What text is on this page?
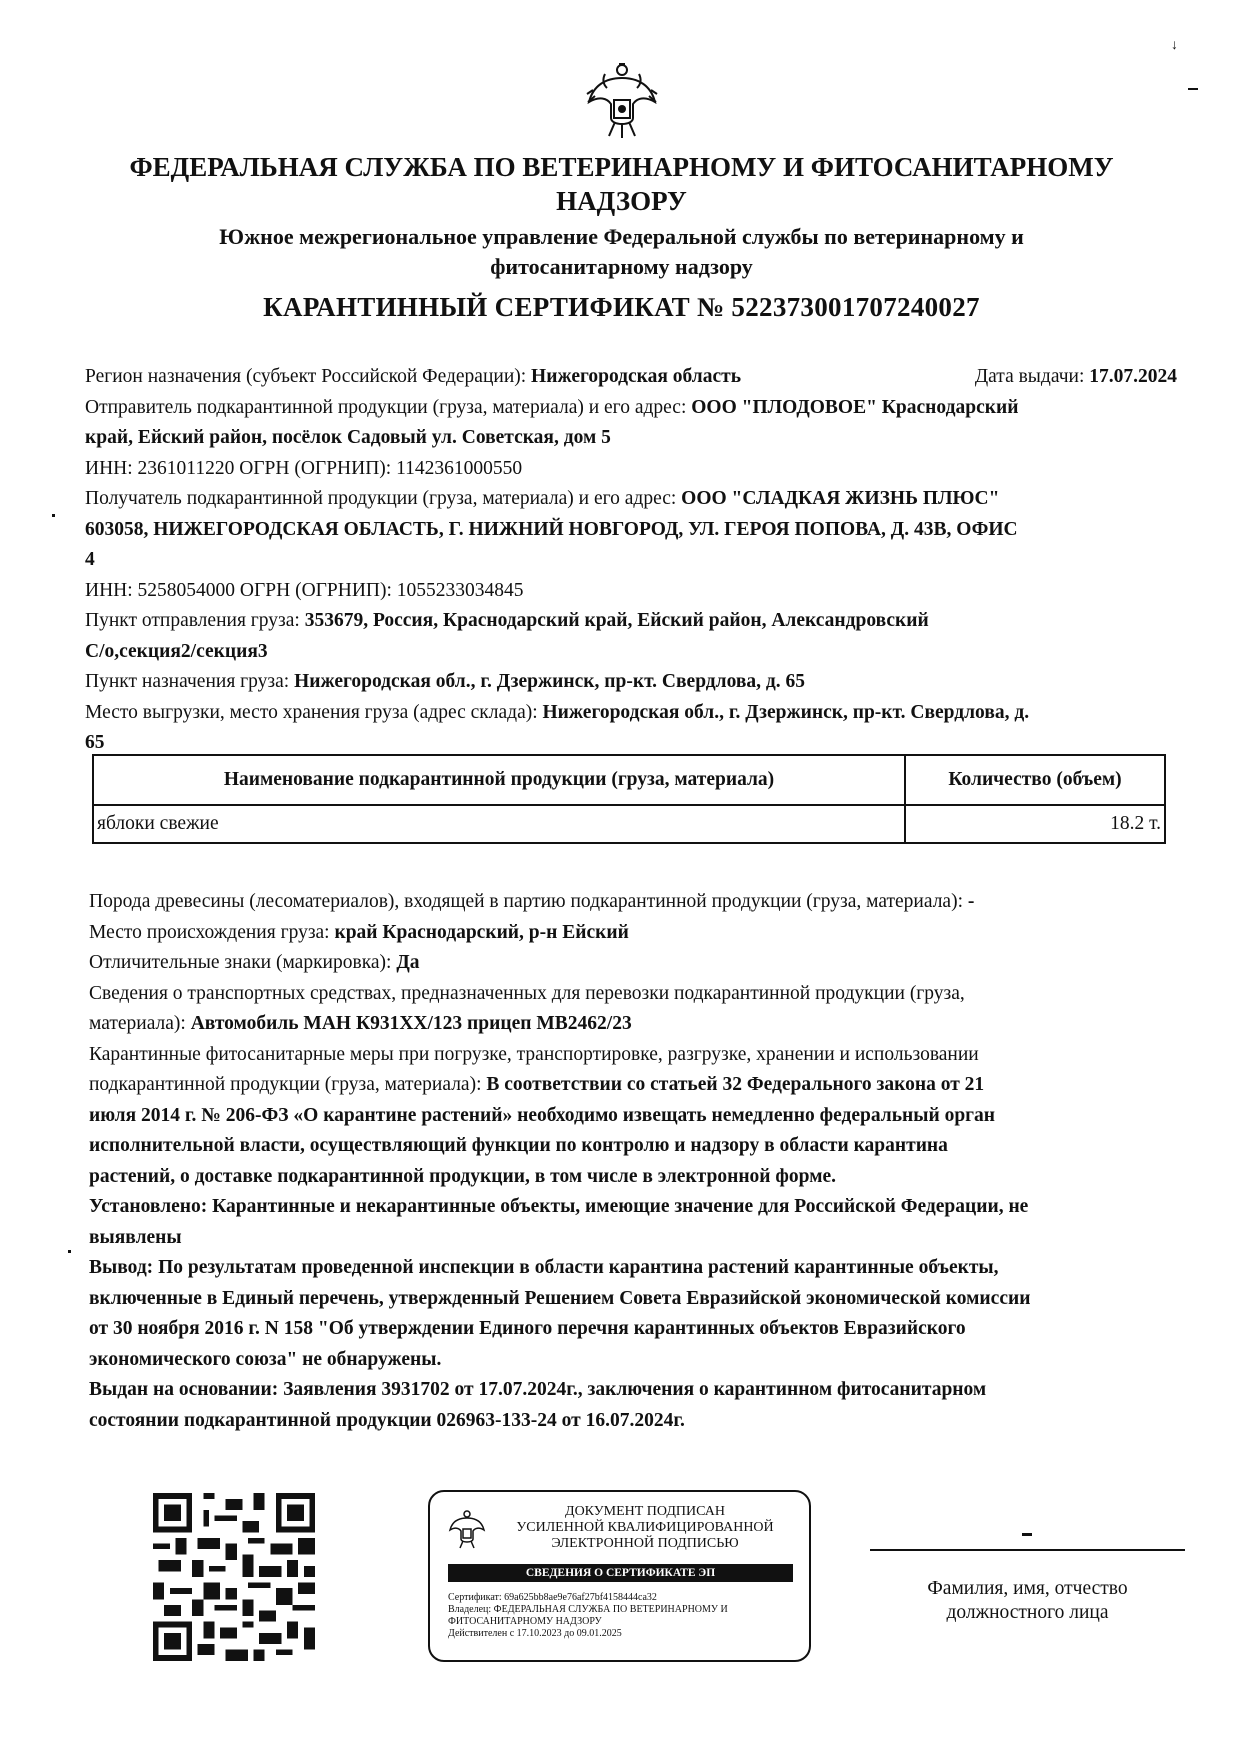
ФЕДЕРАЛЬНАЯ СЛУЖБА ПО ВЕТЕРИНАРНОМУ И ФИТОСАНИТАРНОМУ
НАДЗОРУ
Южное межрегиональное управление Федеральной службы по ветеринарному и
фитосанитарному надзору
КАРАНТИННЫЙ СЕРТИФИКАТ № 5223730017072400​27

Регион назначения (субъект Российской Федерации): Нижегородская область	Дата выдачи: 17.07.2024

Отправитель подкарантинной продукции (груза, материала) и его адрес: ООО "ПЛОДОВОЕ" Краснодарский
край, Ейский район, посёлок Садовый ул. Советская, дом 5

ИНН: 2361011220 ОГРН (ОГРНИП): 1142361000550

Получатель подкарантинной продукции (груза, материала) и его адрес: ООО "СЛАДКАЯ ЖИЗНЬ ПЛЮС"
603058, НИЖЕГОРОДСКАЯ ОБЛАСТЬ, Г. НИЖНИЙ НОВГОРОД, УЛ. ГЕРОЯ ПОПОВА, Д. 43В, ОФИС
4

ИНН: 5258054000 ОГРН (ОГРНИП): 1055233034845

Пункт отправления груза: 353679, Россия, Краснодарский край, Ейский район, Александровский
С/о,секция2/секция3

Пункт назначения груза: Нижегородская обл., г. Дзержинск, пр-кт. Свердлова, д. 65

Место выгрузки, место хранения груза (адрес склада): Нижегородская обл., г. Дзержинск, пр-кт. Свердлова, д.
65

Наименование подкарантинной продукции (груза, материала)	Количество (объем)
яблоки свежие	18.2 т.

Порода древесины (лесоматериалов), входящей в партию подкарантинной продукции (груза, материала): -

Место происхождения груза: край Краснодарский, р-н Ейский

Отличительные знаки (маркировка): Да

Сведения о транспортных средствах, предназначенных для перевозки подкарантинной продукции (груза,
материала): Автомобиль МАН К931ХХ/123 прицеп МВ2462/23

Карантинные фитосанитарные меры при погрузке, транспортировке, разгрузке, хранении и использовании
подкарантинной продукции (груза, материала): В соответствии со статьей 32 Федерального закона от 21
июля 2014 г. № 206-ФЗ «О карантине растений» необходимо извещать немедленно федеральный орган
исполнительной власти, осуществляющий функции по контролю и надзору в области карантина
растений, о доставке подкарантинной продукции, в том числе в электронной форме.

Установлено: Карантинные и некарантинные объекты, имеющие значение для Российской Федерации, не
выявлены

Вывод: По результатам проведенной инспекции в области карантина растений карантинные объекты,
включенные в Единый перечень, утвержденный Решением Совета Евразийской экономической комиссии
от 30 ноября 2016 г. N 158 "Об утверждении Единого перечня карантинных объектов Евразийского
экономического союза" не обнаружены.

Выдан на основании: Заявления 3931702 от 17.07.2024г., заключения о карантинном фитосанитарном
состоянии подкарантинной продукции 026963-133-24 от 16.07.2024г.

ДОКУМЕНТ ПОДПИСАН
УСИЛЕННОЙ КВАЛИФИЦИРОВАННОЙ
ЭЛЕКТРОННОЙ ПОДПИСЬЮ
СВЕДЕНИЯ О СЕРТИФИКАТЕ ЭП
Сертификат: 69a625bb8ae9e76af27bf4158444ca32
Владелец: ФЕДЕРАЛЬНАЯ СЛУЖБА ПО ВЕТЕРИНАРНОМУ И
ФИТОСАНИТАРНОМУ НАДЗОРУ
Действителен с 17.10.2023 до 09.01.2025
Фамилия, имя, отчество
должностного лица
↓
